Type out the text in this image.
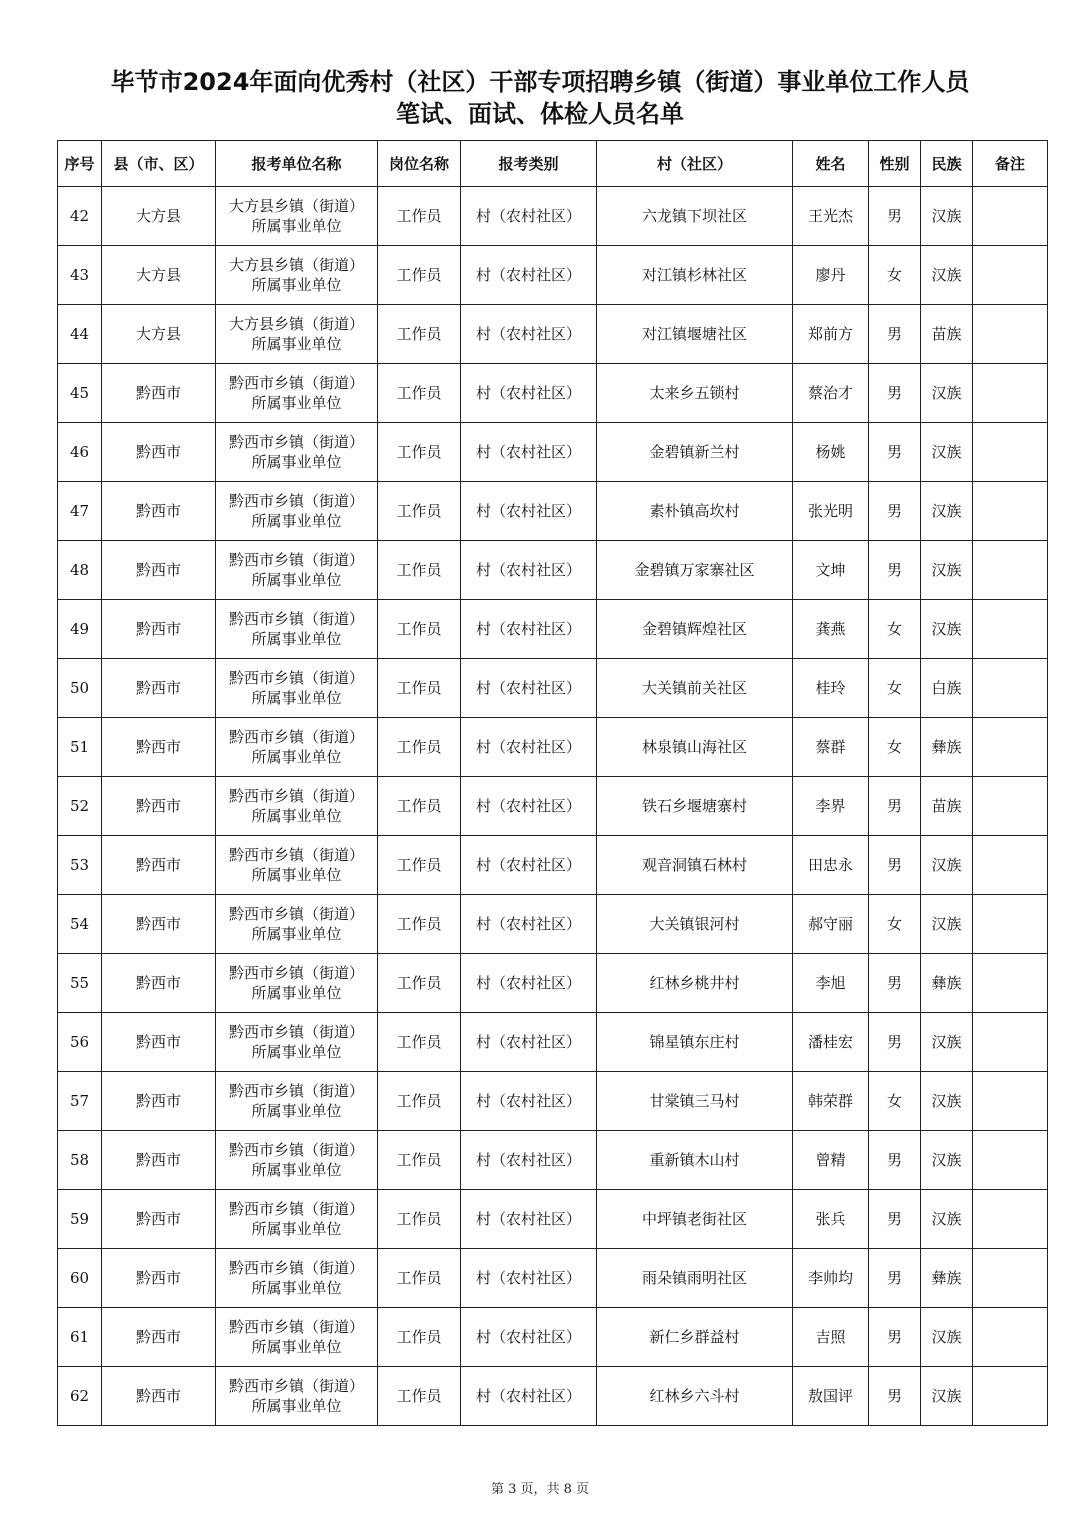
毕节市2024年面向优秀村（社区）干部专项招聘乡镇（街道）事业单位工作人员
笔试、面试、体检人员名单
序号	县（市、区）	报考单位名称	岗位名称	报考类别	村（社区）	姓名	性别	民族	备注
42	大方县	大方县乡镇（街道）
所属事业单位	工作员	村（农村社区）	六龙镇下坝社区	王光杰	男	汉族	
43	大方县	大方县乡镇（街道）
所属事业单位	工作员	村（农村社区）	对江镇杉林社区	廖丹	女	汉族	
44	大方县	大方县乡镇（街道）
所属事业单位	工作员	村（农村社区）	对江镇堰塘社区	郑前方	男	苗族	
45	黔西市	黔西市乡镇（街道）
所属事业单位	工作员	村（农村社区）	太来乡五锁村	蔡治才	男	汉族	
46	黔西市	黔西市乡镇（街道）
所属事业单位	工作员	村（农村社区）	金碧镇新兰村	杨姚	男	汉族	
47	黔西市	黔西市乡镇（街道）
所属事业单位	工作员	村（农村社区）	素朴镇高坎村	张光明	男	汉族	
48	黔西市	黔西市乡镇（街道）
所属事业单位	工作员	村（农村社区）	金碧镇万家寨社区	文坤	男	汉族	
49	黔西市	黔西市乡镇（街道）
所属事业单位	工作员	村（农村社区）	金碧镇辉煌社区	龚燕	女	汉族	
50	黔西市	黔西市乡镇（街道）
所属事业单位	工作员	村（农村社区）	大关镇前关社区	桂玲	女	白族	
51	黔西市	黔西市乡镇（街道）
所属事业单位	工作员	村（农村社区）	林泉镇山海社区	蔡群	女	彝族	
52	黔西市	黔西市乡镇（街道）
所属事业单位	工作员	村（农村社区）	铁石乡堰塘寨村	李界	男	苗族	
53	黔西市	黔西市乡镇（街道）
所属事业单位	工作员	村（农村社区）	观音洞镇石林村	田忠永	男	汉族	
54	黔西市	黔西市乡镇（街道）
所属事业单位	工作员	村（农村社区）	大关镇银河村	郝守丽	女	汉族	
55	黔西市	黔西市乡镇（街道）
所属事业单位	工作员	村（农村社区）	红林乡桃井村	李旭	男	彝族	
56	黔西市	黔西市乡镇（街道）
所属事业单位	工作员	村（农村社区）	锦星镇东庄村	潘桂宏	男	汉族	
57	黔西市	黔西市乡镇（街道）
所属事业单位	工作员	村（农村社区）	甘棠镇三马村	韩荣群	女	汉族	
58	黔西市	黔西市乡镇（街道）
所属事业单位	工作员	村（农村社区）	重新镇木山村	曾精	男	汉族	
59	黔西市	黔西市乡镇（街道）
所属事业单位	工作员	村（农村社区）	中坪镇老街社区	张兵	男	汉族	
60	黔西市	黔西市乡镇（街道）
所属事业单位	工作员	村（农村社区）	雨朵镇雨明社区	李帅均	男	彝族	
61	黔西市	黔西市乡镇（街道）
所属事业单位	工作员	村（农村社区）	新仁乡群益村	吉照	男	汉族	
62	黔西市	黔西市乡镇（街道）
所属事业单位	工作员	村（农村社区）	红林乡六斗村	敖国评	男	汉族	
第 3 页，共 8 页
